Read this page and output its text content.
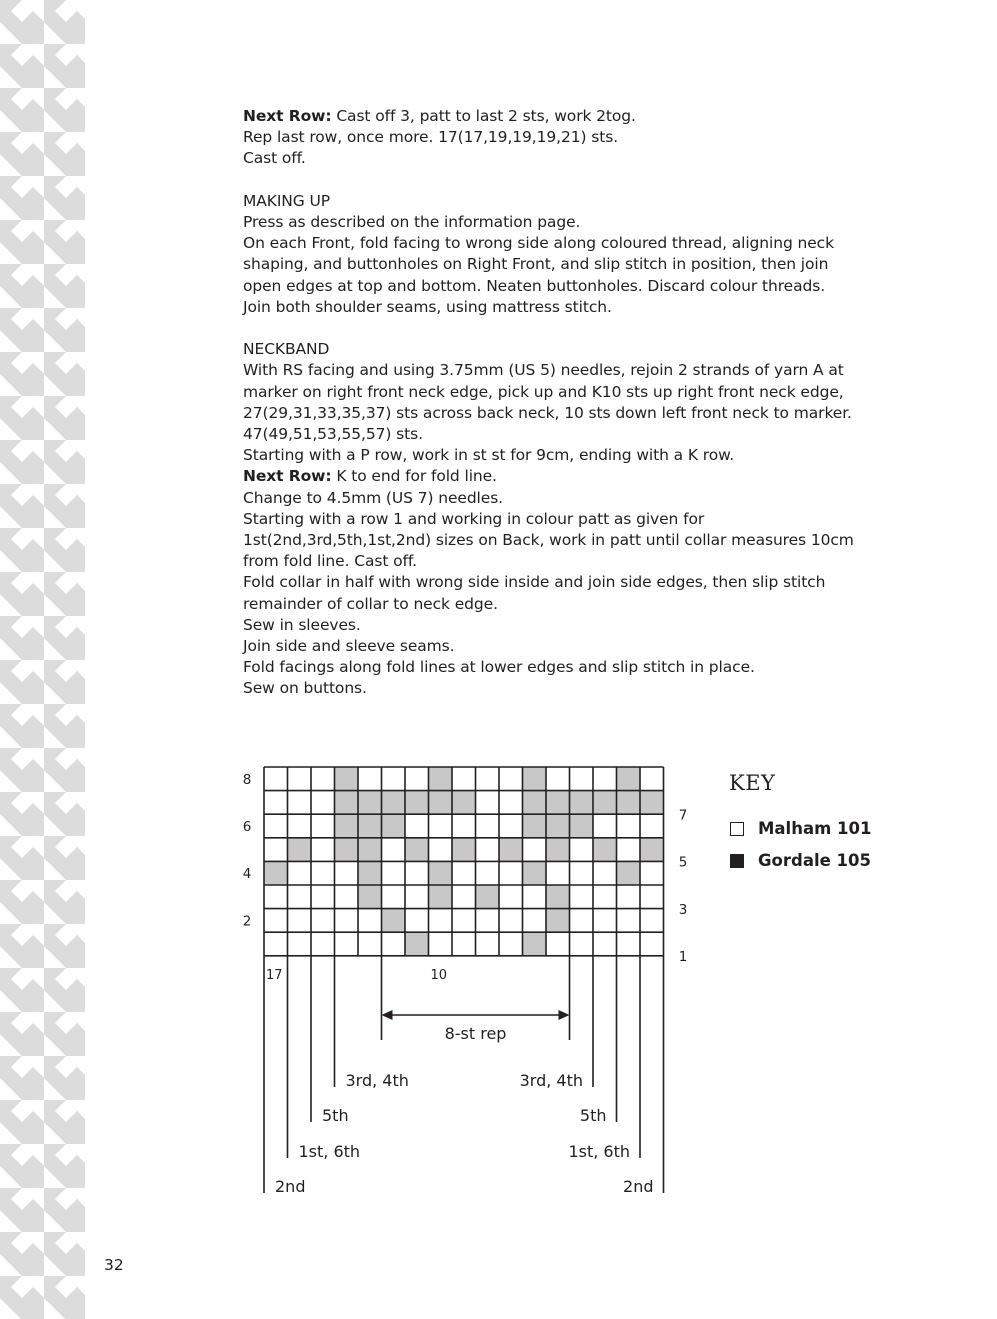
Next Row: Cast off 3, patt to last 2 sts, work 2tog.

Rep last row, once more. 17(17,19,19,19,21) sts.

Cast off.

MAKING UP

Press as described on the information page.

On each Front, fold facing to wrong side along coloured thread, aligning neck

shaping, and buttonholes on Right Front, and slip stitch in position, then join

open edges at top and bottom. Neaten buttonholes. Discard colour threads.

Join both shoulder seams, using mattress stitch.

NECKBAND

With RS facing and using 3.75mm (US 5) needles, rejoin 2 strands of yarn A at

marker on right front neck edge, pick up and K10 sts up right front neck edge,

27(29,31,33,35,37) sts across back neck, 10 sts down left front neck to marker.

47(49,51,53,55,57) sts.

Starting with a P row, work in st st for 9cm, ending with a K row.

Next Row: K to end for fold line.

Change to 4.5mm (US 7) needles.

Starting with a row 1 and working in colour patt as given for

1st(2nd,3rd,5th,1st,2nd) sizes on Back, work in patt until collar measures 10cm

from fold line. Cast off.

Fold collar in half with wrong side inside and join side edges, then slip stitch

remainder of collar to neck edge.

Sew in sleeves.

Join side and sleeve seams.

Fold facings along fold lines at lower edges and slip stitch in place.

Sew on buttons.

2
4
6
8
1
3
5
7
17	10
8-st rep
3rd, 4th
5th
1st, 6th
2nd
3rd, 4th
5th
1st, 6th
2nd
KEY
Malham 101
Gordale 105
32
